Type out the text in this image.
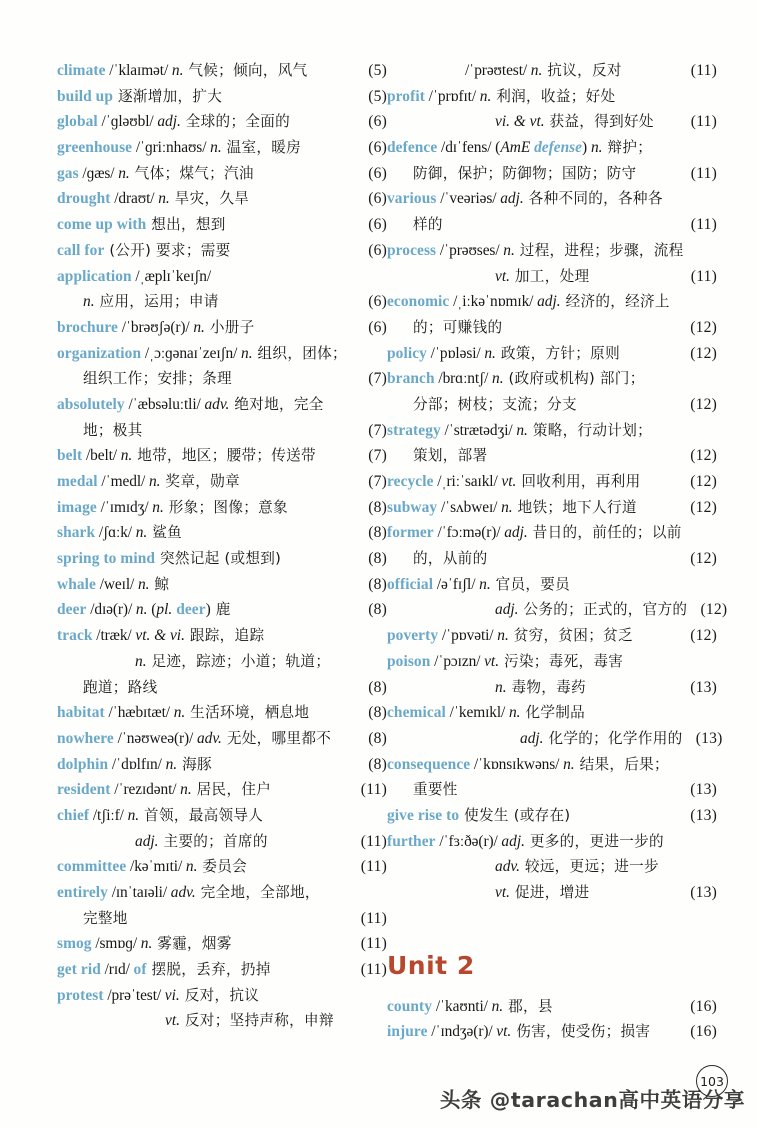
climate /ˈklaɪmət/ n. 气候；倾向，风气	(5)
build up 逐渐增加，扩大	(5)
global /ˈɡləʊbl/ adj. 全球的；全面的	(6)
greenhouse /ˈɡriːnhaʊs/ n. 温室，暖房	(6)
gas /ɡæs/ n. 气体；煤气；汽油	(6)
drought /draʊt/ n. 旱灾，久旱	(6)
come up with 想出，想到	(6)
call for (公开) 要求；需要	(6)
application /ˌæplɪˈkeɪʃn/
n. 应用，运用；申请	(6)
brochure /ˈbrəʊʃə(r)/ n. 小册子	(6)
organization /ˌɔːɡənaɪˈzeɪʃn/ n. 组织，团体；
组织工作；安排；条理	(7)
absolutely /ˈæbsəluːtli/ adv. 绝对地，完全
地；极其	(7)
belt /belt/ n. 地带，地区；腰带；传送带	(7)
medal /ˈmedl/ n. 奖章，勋章	(7)
image /ˈɪmɪdʒ/ n. 形象；图像；意象	(8)
shark /ʃɑːk/ n. 鲨鱼	(8)
spring to mind 突然记起 (或想到)	(8)
whale /weɪl/ n. 鲸	(8)
deer /dɪə(r)/ n. (pl. deer) 鹿	(8)
track /træk/ vt. & vi. 跟踪，追踪
n. 足迹，踪迹；小道；轨道；
跑道；路线	(8)
habitat /ˈhæbɪtæt/ n. 生活环境，栖息地	(8)
nowhere /ˈnəʊweə(r)/ adv. 无处，哪里都不	(8)
dolphin /ˈdɒlfɪn/ n. 海豚	(8)
resident /ˈrezɪdənt/ n. 居民，住户	(11)
chief /tʃiːf/ n. 首领，最高领导人
adj. 主要的；首席的	(11)
committee /kəˈmɪti/ n. 委员会	(11)
entirely /ɪnˈtaɪəli/ adv. 完全地，全部地，
完整地	(11)
smog /smɒɡ/ n. 雾霾，烟雾	(11)
get rid /rɪd/ of 摆脱，丢弃，扔掉	(11)
protest /prəˈtest/ vi. 反对，抗议
vt. 反对；坚持声称，申辩
/ˈprəʊtest/ n. 抗议，反对	(11)
profit /ˈprɒfɪt/ n. 利润，收益；好处
vi. & vt. 获益，得到好处	(11)
defence /dɪˈfens/ (AmE defense) n. 辩护；
防御，保护；防御物；国防；防守	(11)
various /ˈveəriəs/ adj. 各种不同的，各种各
样的	(11)
process /ˈprəʊses/ n. 过程，进程；步骤，流程
vt. 加工，处理	(11)
economic /ˌiːkəˈnɒmɪk/ adj. 经济的，经济上
的；可赚钱的	(12)
policy /ˈpɒləsi/ n. 政策，方针；原则	(12)
branch /brɑːntʃ/ n. (政府或机构) 部门；
分部；树枝；支流；分支	(12)
strategy /ˈstrætədʒi/ n. 策略，行动计划；
策划，部署	(12)
recycle /ˌriːˈsaɪkl/ vt. 回收利用，再利用	(12)
subway /ˈsʌbweɪ/ n. 地铁；地下人行道	(12)
former /ˈfɔːmə(r)/ adj. 昔日的，前任的；以前
的，从前的	(12)
official /əˈfɪʃl/ n. 官员，要员
adj. 公务的；正式的，官方的 (12)
poverty /ˈpɒvəti/ n. 贫穷，贫困；贫乏	(12)
poison /ˈpɔɪzn/ vt. 污染；毒死，毒害
n. 毒物，毒药	(13)
chemical /ˈkemɪkl/ n. 化学制品
adj. 化学的；化学作用的 (13)
consequence /ˈkɒnsɪkwəns/ n. 结果，后果；
重要性	(13)
give rise to 使发生 (或存在)	(13)
further /ˈfɜːðə(r)/ adj. 更多的，更进一步的
adv. 较远，更远；进一步
vt. 促进，增进	(13)
Unit 2
county /ˈkaʊnti/ n. 郡，县	(16)
injure /ˈɪndʒə(r)/ vt. 伤害，使受伤；损害	(16)
103
头条 @tarachan高中英语分享
